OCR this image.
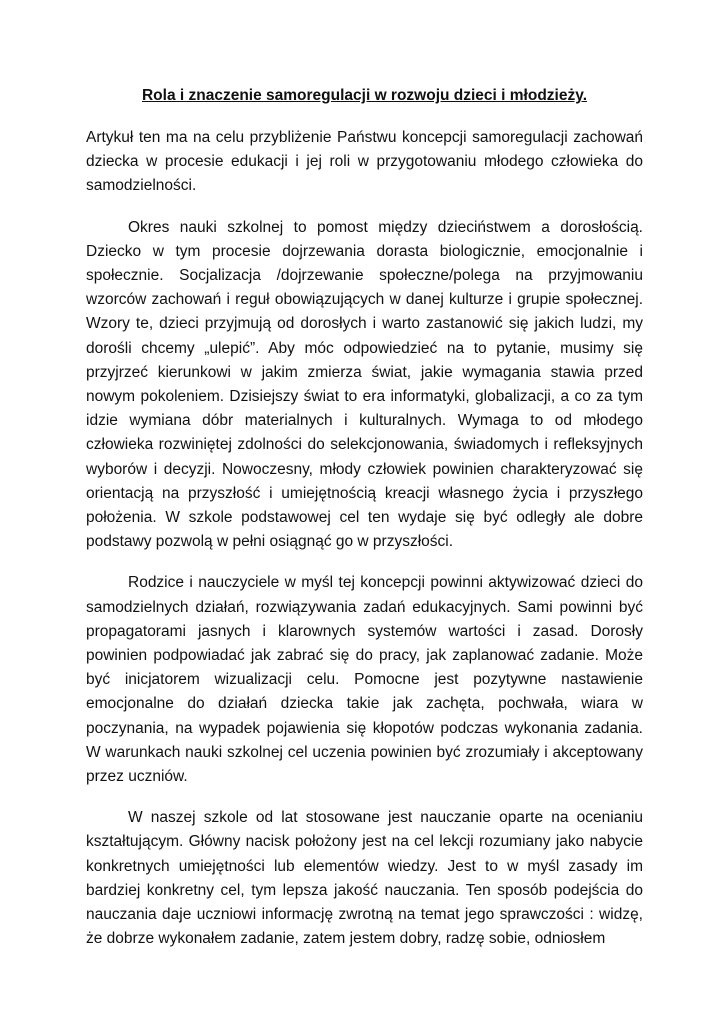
Rola i znaczenie samoregulacji w rozwoju dzieci i młodzieży.

Artykuł ten ma na celu przybliżenie Państwu koncepcji samoregulacji zachowań dziecka w procesie edukacji i jej roli w przygotowaniu młodego człowieka do samodzielności.

Okres nauki szkolnej to pomost między dzieciństwem a dorosłością. Dziecko w tym procesie dojrzewania dorasta biologicznie, emocjonalnie i społecznie. Socjalizacja /dojrzewanie społeczne/polega na przyjmowaniu wzorców zachowań i reguł obowiązujących w danej kulturze i grupie społecznej. Wzory te, dzieci przyjmują od dorosłych i warto zastanowić się jakich ludzi, my dorośli chcemy „ulepić”. Aby móc odpowiedzieć na to pytanie, musimy się przyjrzeć kierunkowi w jakim zmierza świat, jakie wymagania stawia przed nowym pokoleniem. Dzisiejszy świat to era informatyki, globalizacji, a co za tym idzie wymiana dóbr materialnych i kulturalnych. Wymaga to od młodego człowieka rozwiniętej zdolności do selekcjonowania, świadomych i refleksyjnych wyborów i decyzji. Nowoczesny, młody człowiek powinien charakteryzować się orientacją na przyszłość i umiejętnością kreacji własnego życia i przyszłego położenia. W szkole podstawowej cel ten wydaje się być odległy ale dobre podstawy pozwolą w pełni osiągnąć go w przyszłości.

Rodzice i nauczyciele w myśl tej koncepcji powinni aktywizować dzieci do samodzielnych działań, rozwiązywania zadań edukacyjnych. Sami powinni być propagatorami jasnych i klarownych systemów wartości i zasad. Dorosły powinien podpowiadać jak zabrać się do pracy, jak zaplanować zadanie. Może być inicjatorem wizualizacji celu. Pomocne jest pozytywne nastawienie emocjonalne do działań dziecka takie jak zachęta, pochwała, wiara w poczynania, na wypadek pojawienia się kłopotów podczas wykonania zadania. W warunkach nauki szkolnej cel uczenia powinien być zrozumiały i akceptowany przez uczniów.

W naszej szkole od lat stosowane jest nauczanie oparte na ocenianiu kształtującym. Główny nacisk położony jest na cel lekcji rozumiany jako nabycie konkretnych umiejętności lub elementów wiedzy. Jest to w myśl zasady im bardziej konkretny cel, tym lepsza jakość nauczania. Ten sposób podejścia do nauczania daje uczniowi informację zwrotną na temat jego sprawczości : widzę, że dobrze wykonałem zadanie, zatem jestem dobry, radzę sobie, odniosłem
